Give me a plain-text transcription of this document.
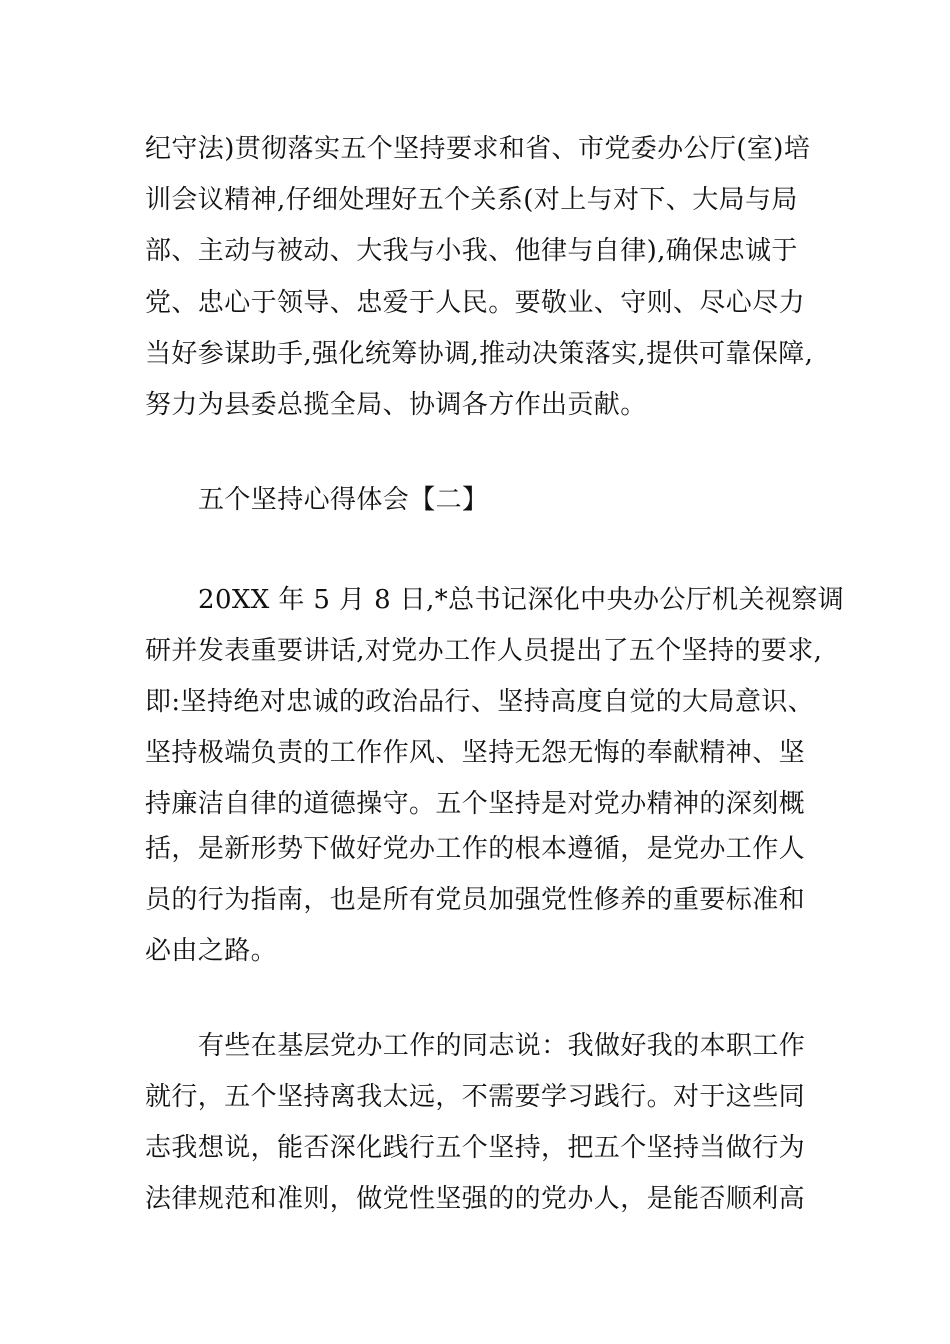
纪守法)贯彻落实五个坚持要求和省、市党委办公厅(室)培
训会议精神,仔细处理好五个关系(对上与对下、大局与局
部、主动与被动、大我与小我、他律与自律),确保忠诚于
党、忠心于领导、忠爱于人民。要敬业、守则、尽心尽力
当好参谋助手,强化统筹协调,推动决策落实,提供可靠保障,
努力为县委总揽全局、协调各方作出贡献。
五个坚持心得体会【二】
20XX 年 5 月 8 日,*总书记深化中央办公厅机关视察调
研并发表重要讲话,对党办工作人员提出了五个坚持的要求,
即:坚持绝对忠诚的政治品行、坚持高度自觉的大局意识、
坚持极端负责的工作作风、坚持无怨无悔的奉献精神、坚
持廉洁自律的道德操守。五个坚持是对党办精神的深刻概
括，是新形势下做好党办工作的根本遵循，是党办工作人
员的行为指南，也是所有党员加强党性修养的重要标准和
必由之路。
有些在基层党办工作的同志说：我做好我的本职工作
就行，五个坚持离我太远，不需要学习践行。对于这些同
志我想说，能否深化践行五个坚持，把五个坚持当做行为
法律规范和准则，做党性坚强的的党办人，是能否顺利高
